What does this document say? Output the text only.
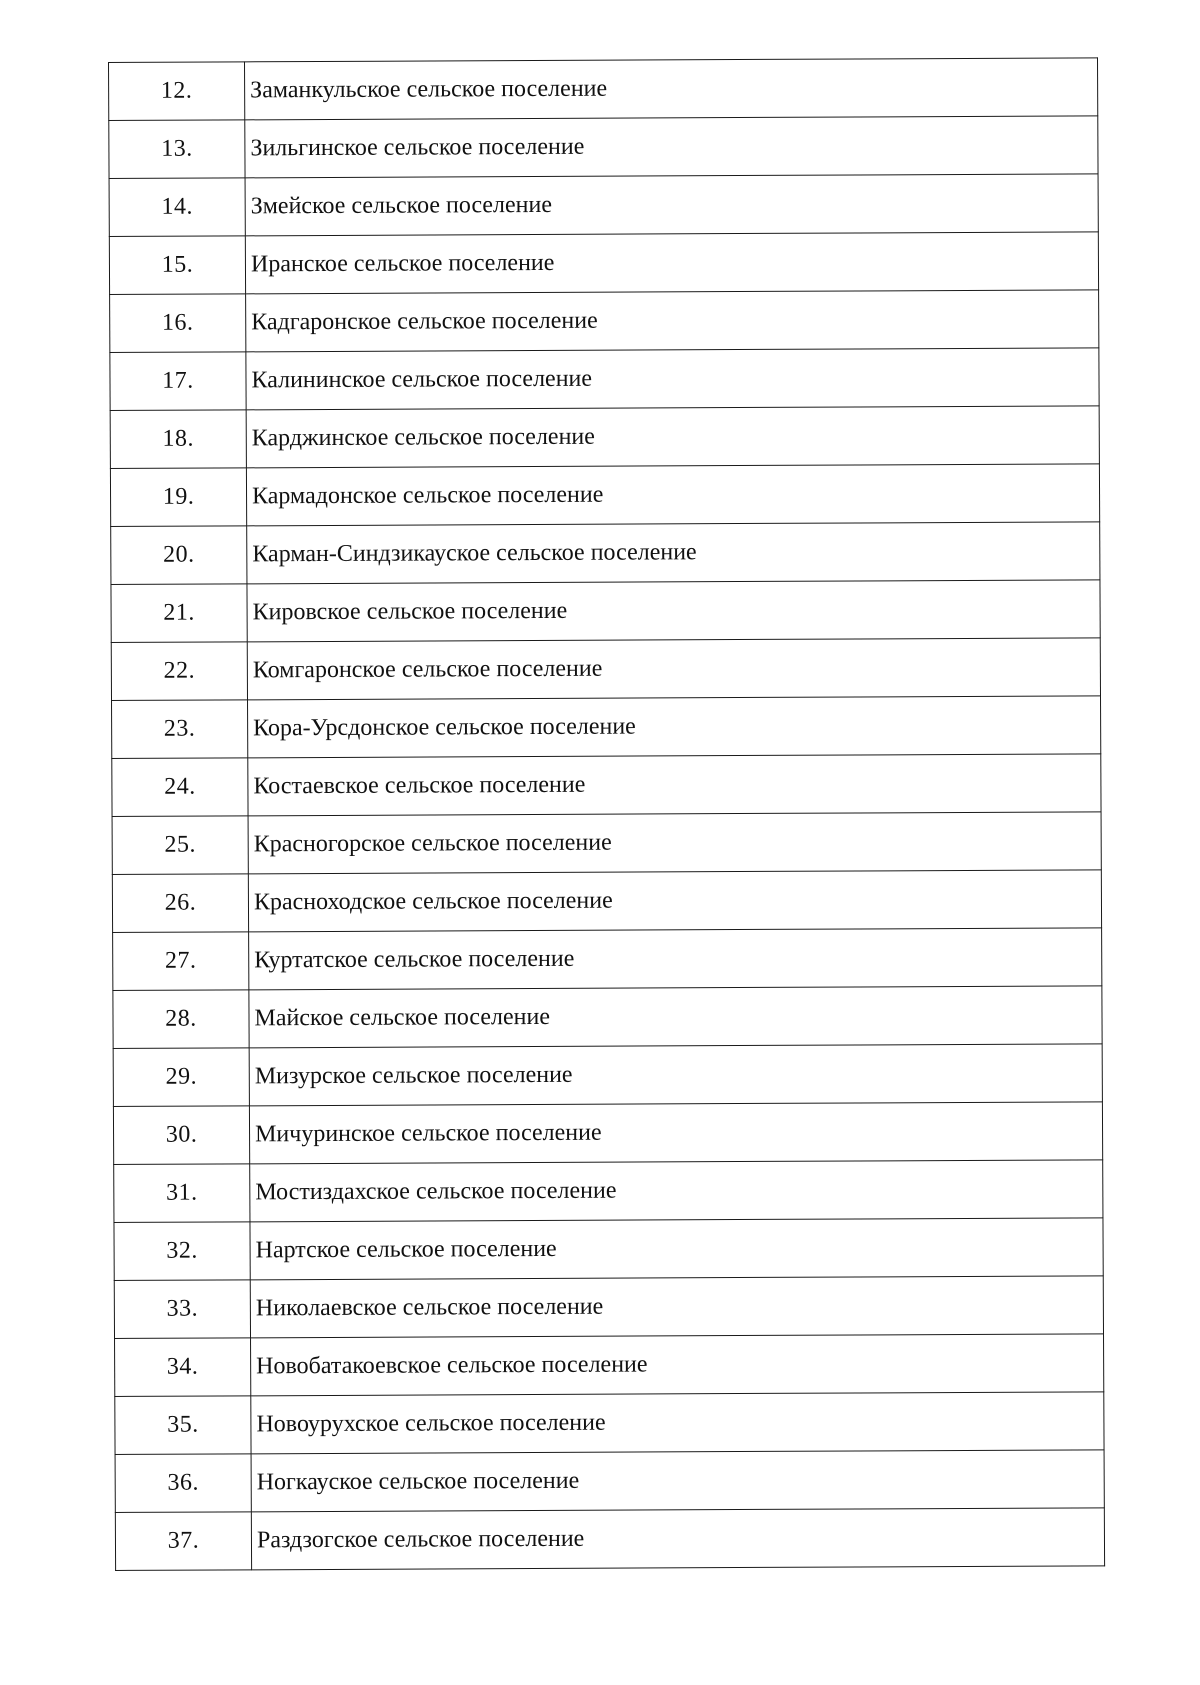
12.	Заманкульское сельское поселение
13.	Зильгинское сельское поселение
14.	Змейское сельское поселение
15.	Иранское сельское поселение
16.	Кадгаронское сельское поселение
17.	Калининское сельское поселение
18.	Карджинское сельское поселение
19.	Кармадонское сельское поселение
20.	Карман-Синдзикауское сельское поселение
21.	Кировское сельское поселение
22.	Комгаронское сельское поселение
23.	Кора-Урсдонское сельское поселение
24.	Костаевское сельское поселение
25.	Красногорское сельское поселение
26.	Красноходское сельское поселение
27.	Куртатское сельское поселение
28.	Майское сельское поселение
29.	Мизурское сельское поселение
30.	Мичуринское сельское поселение
31.	Мостиздахское сельское поселение
32.	Нартское сельское поселение
33.	Николаевское сельское поселение
34.	Новобатакоевское сельское поселение
35.	Новоурухское сельское поселение
36.	Ногкауское сельское поселение
37.	Раздзогское сельское поселение
